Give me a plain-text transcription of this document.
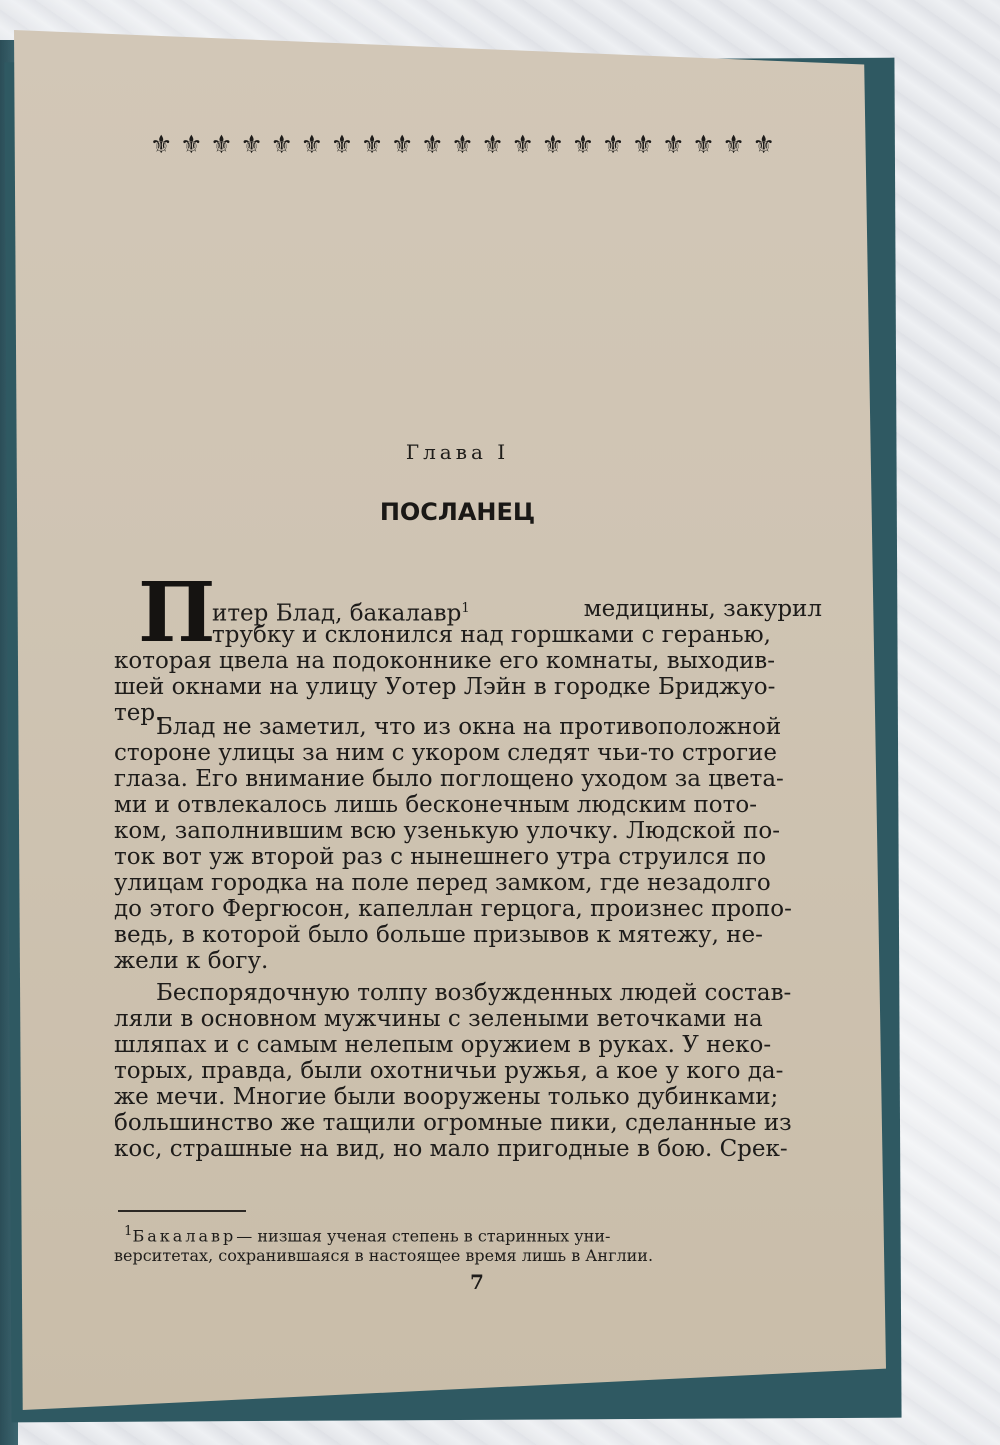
⚜ ⚜ ⚜ ⚜ ⚜ ⚜ ⚜ ⚜ ⚜ ⚜ ⚜ ⚜ ⚜ ⚜ ⚜ ⚜ ⚜ ⚜ ⚜ ⚜ ⚜
Глава I
ПОСЛАНЕЦ
П
итер Блад, бакалавр$^1$	медицины, закурил
трубку и склонился над горшками с геранью,
которая цвела на подоконнике его комнаты, выходив-
шей окнами на улицу Уотер Лэйн в городке Бриджуо-
тер.
Блад не заметил, что из окна на противоположной
стороне улицы за ним с укором следят чьи-то строгие
глаза. Его внимание было поглощено уходом за цвета-
ми и отвлекалось лишь бесконечным людским пото-
ком, заполнившим всю узенькую улочку. Людской по-
ток вот уж второй раз с нынешнего утра струился по
улицам городка на поле перед замком, где незадолго
до этого Фергюсон, капеллан герцога, произнес пропо-
ведь, в которой было больше призывов к мятежу, не-
жели к богу.
Беспорядочную толпу возбужденных людей состав-
ляли в основном мужчины с зелеными веточками на
шляпах и с самым нелепым оружием в руках. У неко-
торых, правда, были охотничьи ружья, а кое у кого да-
же мечи. Многие были вооружены только дубинками;
большинство же тащили огромные пики, сделанные из
кос, страшные на вид, но мало пригодные в бою. Срек-
$^1$Бакалавр— низшая ученая степень в старинных уни-
верситетах, сохранившаяся в настоящее время лишь в Англии.
7
